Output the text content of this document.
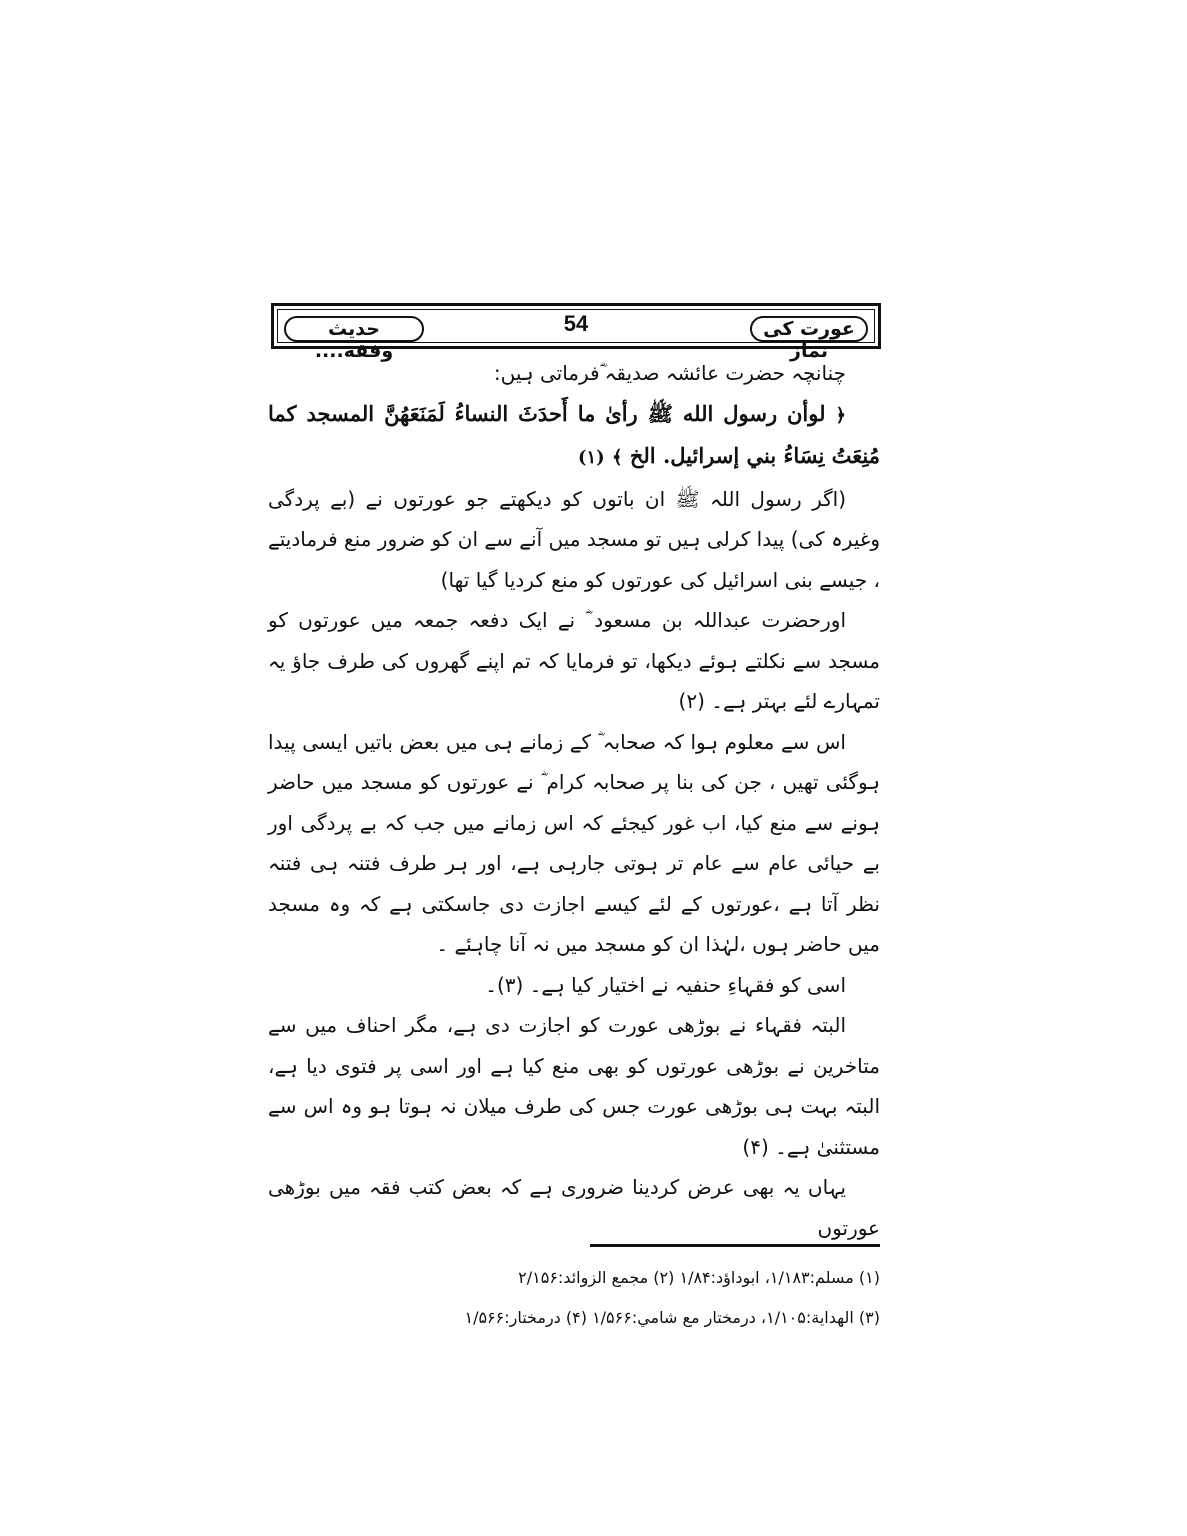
عورت کی نماز
54
حدیث وفقه....

چنانچہ حضرت عائشہ صدیقہ ؓفرماتی ہیں:

﴿ لوأن رسول الله ﷺ رأیٰ ما أَحدَثَ النساءُ لَمَنَعَهُنَّ المسجد كما مُنِعَتُ نِسَاءُ بني إسرائيل. الخ ﴾ (۱)

(اگر رسول اللہ ﷺ ان باتوں کو دیکھتے جو عورتوں نے (بے پردگی وغیرہ کی) پیدا کرلی ہیں تو مسجد میں آنے سے ان کو ضرور منع فرمادیتے ، جیسے بنی اسرائیل کی عورتوں کو منع کردیا گیا تھا)

اورحضرت عبداللہ بن مسعود ؓ نے ایک دفعہ جمعہ میں عورتوں کو مسجد سے نکلتے ہوئے دیکھا، تو فرمایا کہ تم اپنے گھروں کی طرف جاؤ یہ تمہارے لئے بہتر ہے۔ (۲)

اس سے معلوم ہوا کہ صحابہ ؓ کے زمانے ہی میں بعض باتیں ایسی پیدا ہوگئی تھیں ، جن کی بنا پر صحابہ کرام ؓ نے عورتوں کو مسجد میں حاضر ہونے سے منع کیا، اب غور کیجئے کہ اس زمانے میں جب کہ بے پردگی اور بے حیائی عام سے عام تر ہوتی جارہی ہے، اور ہر طرف فتنہ ہی فتنہ نظر آتا ہے ،عورتوں کے لئے کیسے اجازت دی جاسکتی ہے کہ وہ مسجد میں حاضر ہوں ،لہٰذا ان کو مسجد میں نہ آنا چاہئے ۔

اسی کو فقہاءِ حنفیہ نے اختیار کیا ہے۔ (۳)۔

البتہ فقہاء نے بوڑھی عورت کو اجازت دی ہے، مگر احناف میں سے متاخرین نے بوڑھی عورتوں کو بھی منع کیا ہے اور اسی پر فتوی دیا ہے، البتہ بہت ہی بوڑھی عورت جس کی طرف میلان نہ ہوتا ہو وہ اس سے مستثنیٰ ہے۔ (۴)

یہاں یہ بھی عرض کردینا ضروری ہے کہ بعض کتب فقہ میں بوڑھی عورتوں

(۱) مسلم:۱/۱۸۳، ابوداؤد:۱/۸۴ (۲) مجمع الزوائد:۲/۱۵۶

(۳) الهداية:۱/۱۰۵، درمختار مع شامي:۱/۵۶۶ (۴) درمختار:۱/۵۶۶
